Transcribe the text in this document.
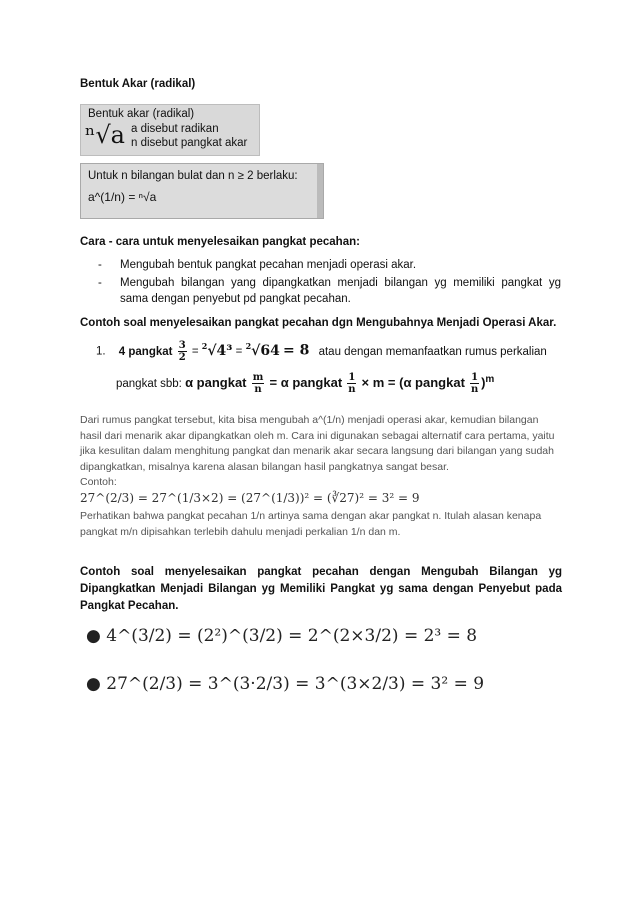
Bentuk Akar (radikal)
Bentuk akar (radikal)
ⁿ√a a disebut radikan
n disebut pangkat akar
Untuk n bilangan bulat dan n ≥ 2 berlaku:
a^(1/n) = ⁿ√a
Cara - cara untuk menyelesaikan pangkat pecahan:
- Mengubah bentuk pangkat pecahan menjadi operasi akar.
- Mengubah bilangan yang dipangkatkan menjadi bilangan yg memiliki pangkat yg sama dengan penyebut pd pangkat pecahan.
Contoh soal menyelesaikan pangkat pecahan dgn Mengubahnya Menjadi Operasi Akar.
1. 4 pangkat $\frac{3}{2} = ^2√4^3 = ^2√64 = 8$ atau dengan memanfaatkan rumus perkalian
pangkat sbb: α pangkat $\frac{m}{n} = \alpha$ pangkat $\frac{1}{n} \times m = (\alpha$ pangkat $\frac{1}{n} )^m$
Dari rumus pangkat tersebut, kita bisa mengubah a^(1/n) menjadi operasi akar, kemudian bilangan hasil dari menarik akar dipangkatkan oleh m. Cara ini digunakan sebagai alternatif cara pertama, yaitu jika kesulitan dalam menghitung pangkat dan menarik akar secara langsung dari bilangan yang sudah dipangkatkan, misalnya karena alasan bilangan hasil pangkatnya sangat besar.
Contoh:
27^(2/3) = 27^(1/3×2) = (27^(1/3))² = (∛27)² = 3² = 9
Perhatikan bahwa pangkat pecahan 1/n artinya sama dengan akar pangkat n. Itulah alasan kenapa pangkat m/n dipisahkan terlebih dahulu menjadi perkalian 1/n dan m.
Contoh soal menyelesaikan pangkat pecahan dengan Mengubah Bilangan yg Dipangkatkan Menjadi Bilangan yg Memiliki Pangkat yg sama dengan Penyebut pada Pangkat Pecahan.
● 4^(3/2) = (2²)^(3/2) = 2^(2×3/2) = 2³ = 8
● 27^(2/3) = 3^(3·2/3) = 3^(3×2/3) = 3² = 9
